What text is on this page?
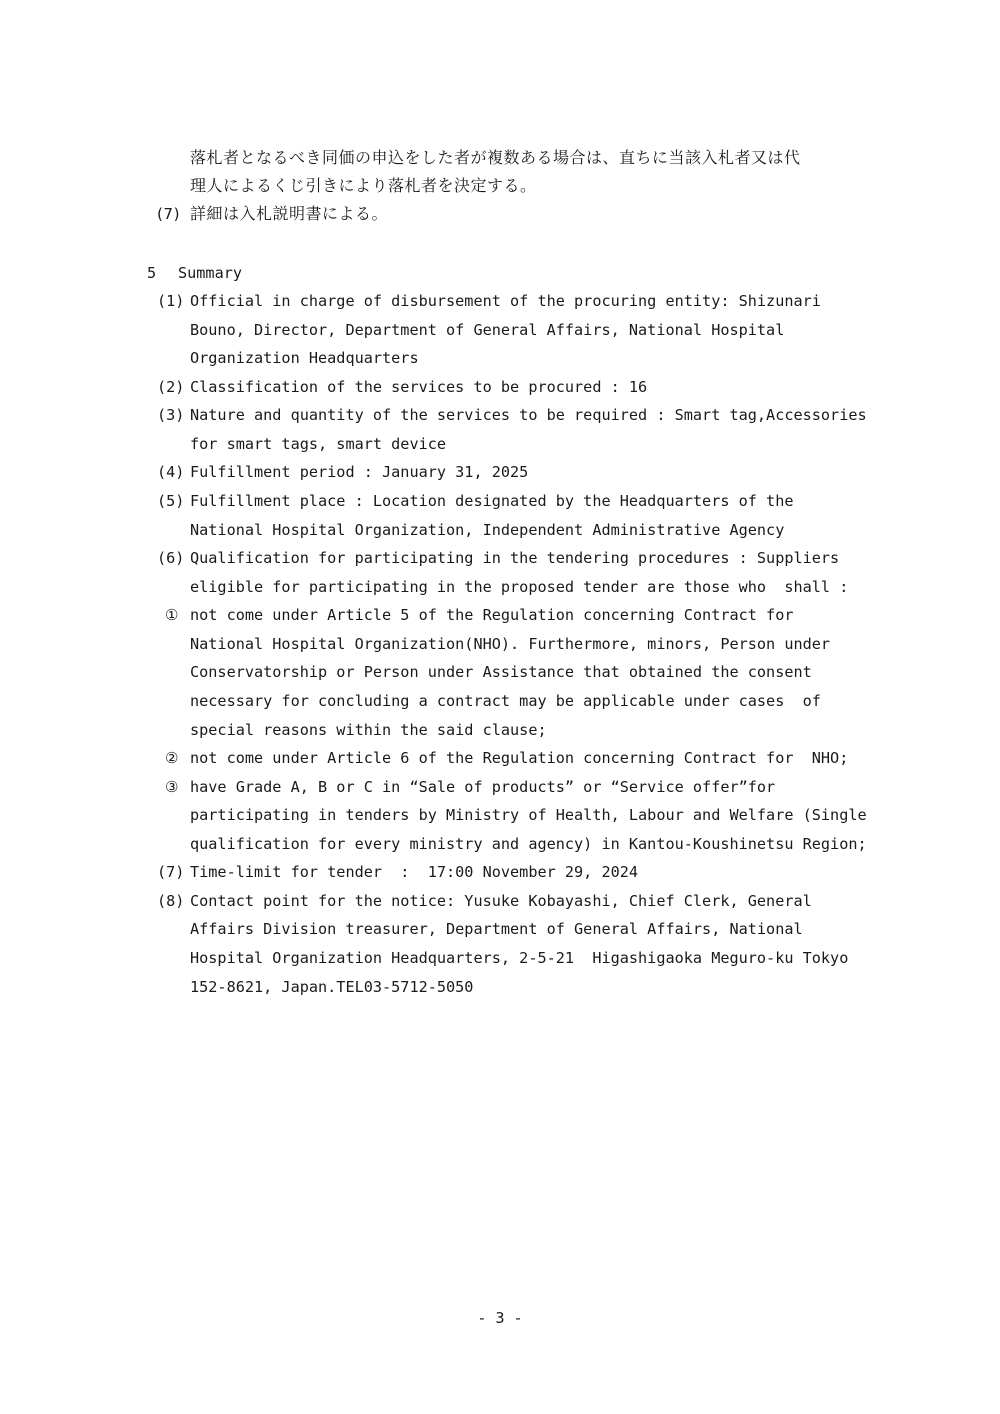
落札者となるべき同価の申込をした者が複数ある場合は、直ちに当該入札者又は代
理人によるくじ引きにより落札者を決定する。
(7) 詳細は入札説明書による。
5 Summary
(1) Official in charge of disbursement of the procuring entity: Shizunari
Bouno, Director, Department of General Affairs, National Hospital
Organization Headquarters
(2) Classification of the services to be procured : 16
(3) Nature and quantity of the services to be required : Smart tag,Accessories
for smart tags, smart device
(4) Fulfillment period : January 31, 2025
(5) Fulfillment place : Location designated by the Headquarters of the
National Hospital Organization, Independent Administrative Agency
(6) Qualification for participating in the tendering procedures : Suppliers
eligible for participating in the proposed tender are those who  shall :
① not come under Article 5 of the Regulation concerning Contract for
National Hospital Organization(NHO). Furthermore, minors, Person under
Conservatorship or Person under Assistance that obtained the consent
necessary for concluding a contract may be applicable under cases  of
special reasons within the said clause;
② not come under Article 6 of the Regulation concerning Contract for  NHO;
③ have Grade A, B or C in “Sale of products” or “Service offer”for
participating in tenders by Ministry of Health, Labour and Welfare (Single
qualification for every ministry and agency) in Kantou-Koushinetsu Region;
(7) Time-limit for tender  :  17:00 November 29, 2024
(8) Contact point for the notice: Yusuke Kobayashi, Chief Clerk, General
Affairs Division treasurer, Department of General Affairs, National
Hospital Organization Headquarters, 2-5-21  Higashigaoka Meguro-ku Tokyo
152-8621, Japan.TEL03-5712-5050
- 3 -
